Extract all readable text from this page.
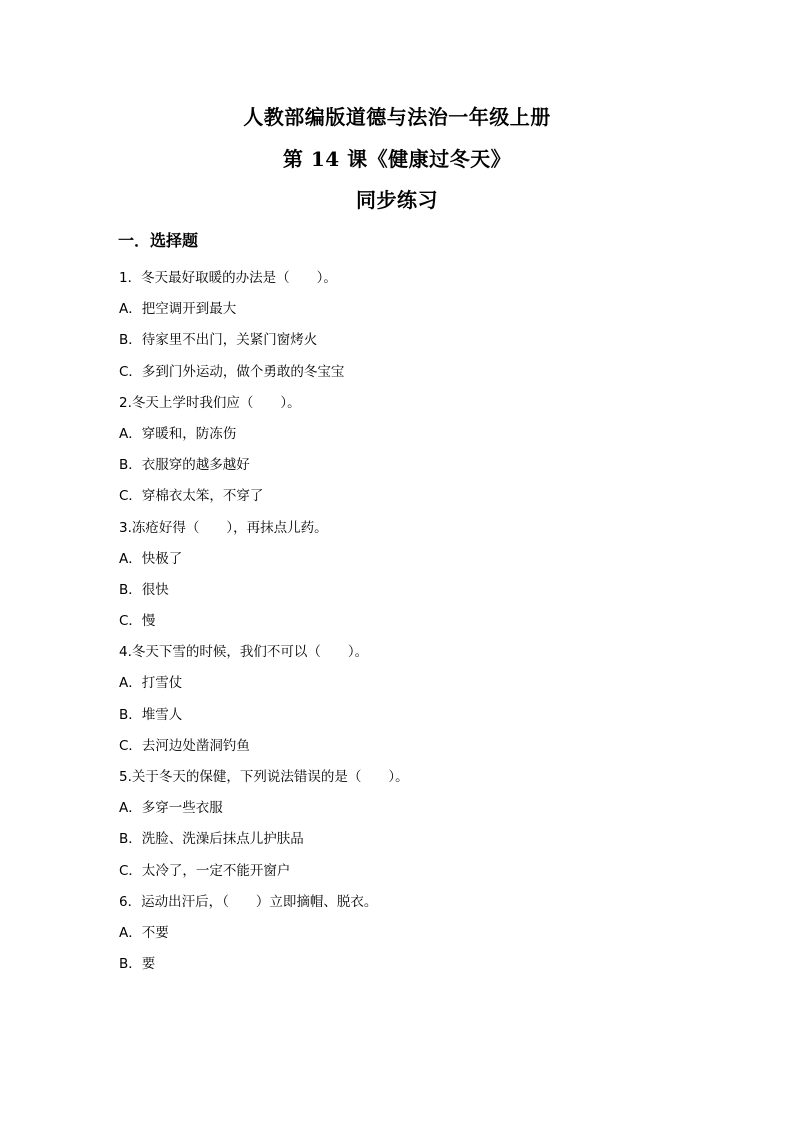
人教部编版道德与法治一年级上册
第 14 课《健康过冬天》
同步练习
一．选择题
1．冬天最好取暖的办法是（　　）。
A．把空调开到最大
B．待家里不出门，关紧门窗烤火
C．多到门外运动，做个勇敢的冬宝宝
2.冬天上学时我们应（　　）。
A．穿暖和，防冻伤
B．衣服穿的越多越好
C．穿棉衣太笨，不穿了
3.冻疮好得（　　），再抹点儿药。
A．快极了
B．很快
C．慢
4.冬天下雪的时候，我们不可以（　　）。
A．打雪仗
B．堆雪人
C．去河边处凿洞钓鱼
5.关于冬天的保健，下列说法错误的是（　　）。
A．多穿一些衣服
B．洗脸、洗澡后抹点儿护肤品
C．太冷了，一定不能开窗户
6．运动出汗后，（　　）立即摘帽、脱衣。
A．不要
B．要
